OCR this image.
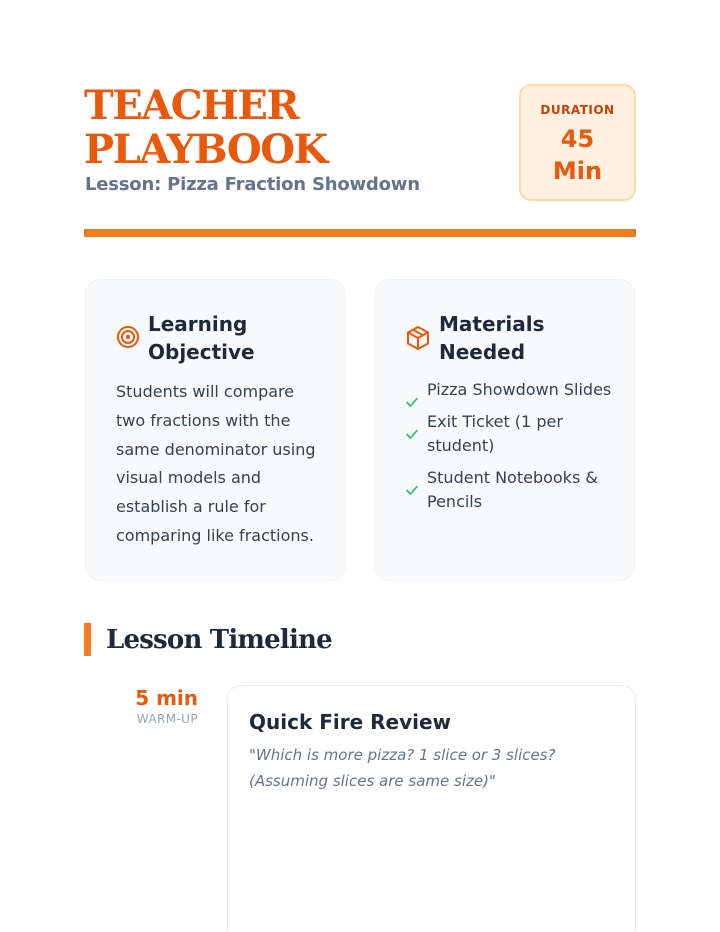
TEACHER
PLAYBOOK
Lesson: Pizza Fraction Showdown
DURATION
45
Min
Learning
Objective
Students will compare two fractions with the same denominator using visual models and establish a rule for comparing like fractions.
Materials
Needed
Pizza Showdown Slides
Exit Ticket (1 per student)
Student Notebooks & Pencils
Lesson Timeline
5 min
WARM-UP	Quick Fire Review
"Which is more pizza? 1 slice or 3 slices? (Assuming slices are same size)"
